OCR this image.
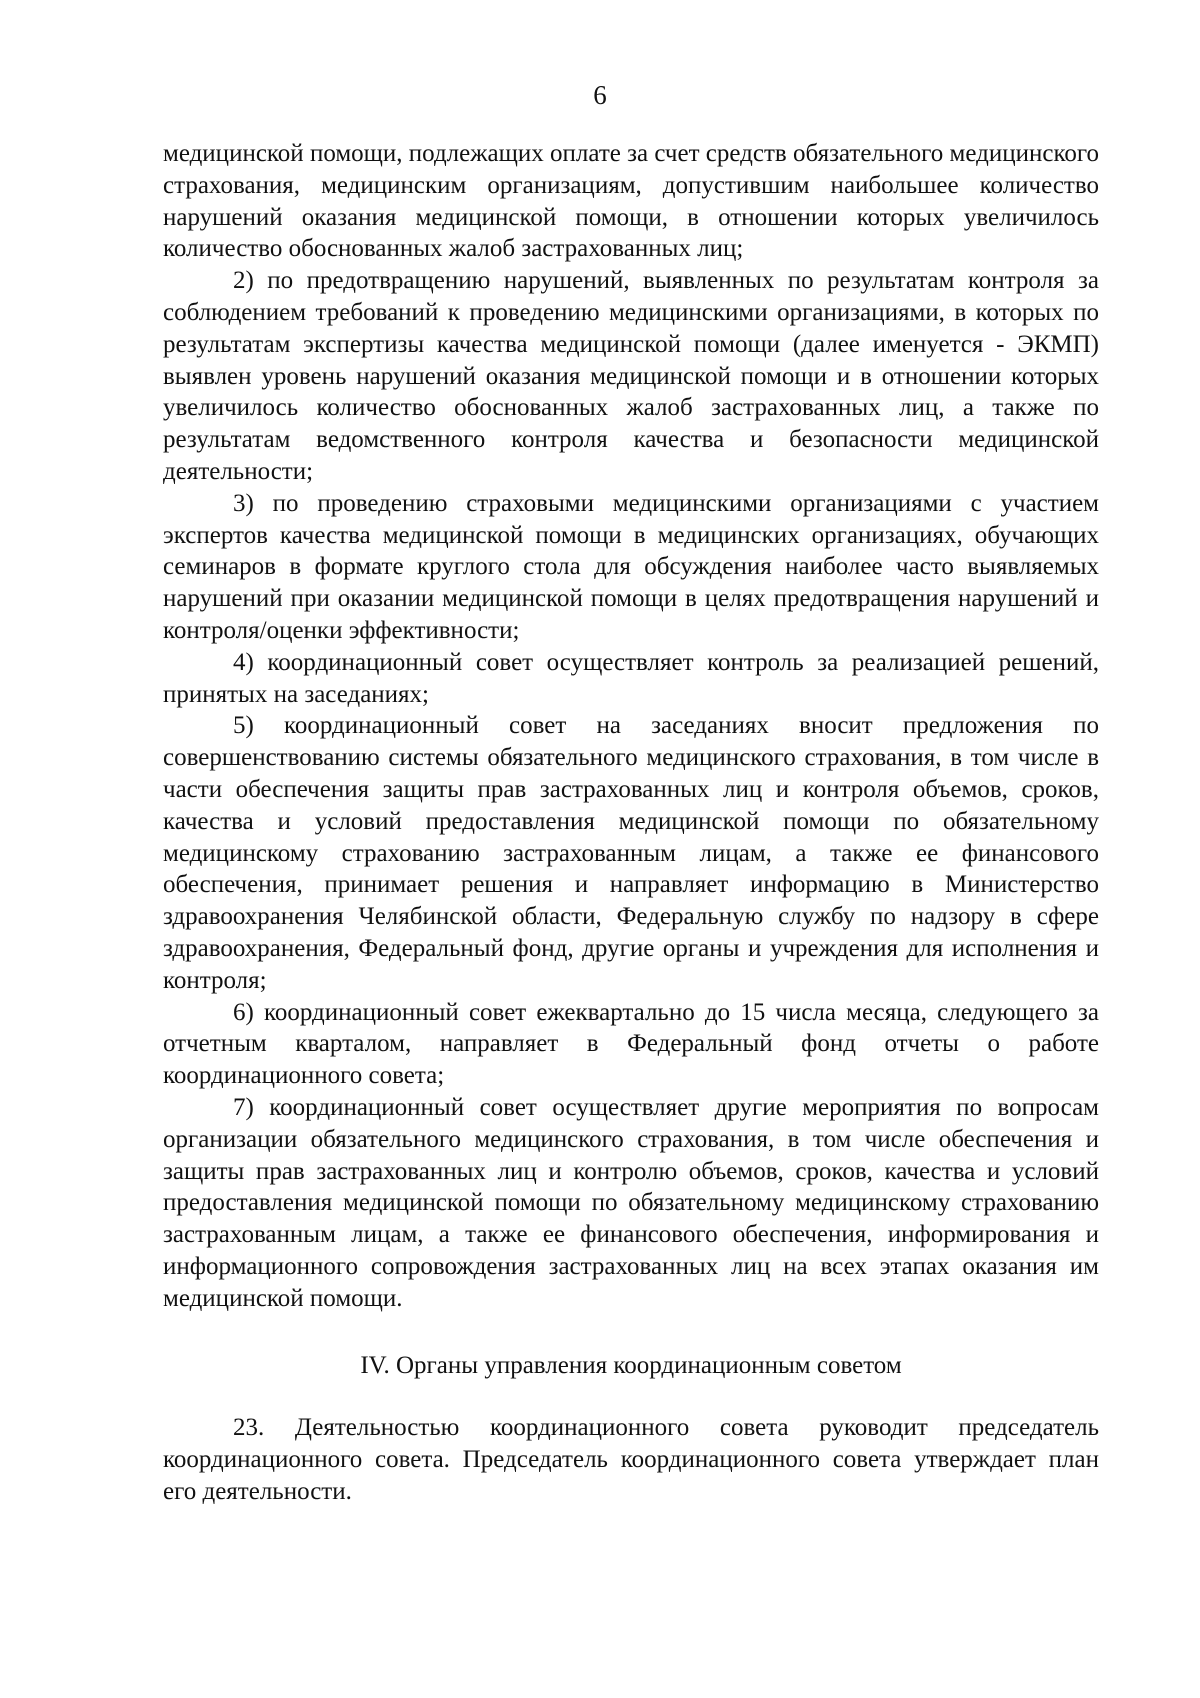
6

медицинской помощи, подлежащих оплате за счет средств обязательного медицинского страхования, медицинским организациям, допустившим наибольшее количество нарушений оказания медицинской помощи, в отношении которых увеличилось количество обоснованных жалоб застрахованных лиц;

2) по предотвращению нарушений, выявленных по результатам контроля за соблюдением требований к проведению медицинскими организациями, в которых по результатам экспертизы качества медицинской помощи (далее именуется - ЭКМП) выявлен уровень нарушений оказания медицинской помощи и в отношении которых увеличилось количество обоснованных жалоб застрахованных лиц, а также по результатам ведомственного контроля качества и безопасности медицинской деятельности;

3) по проведению страховыми медицинскими организациями с участием экспертов качества медицинской помощи в медицинских организациях, обучающих семинаров в формате круглого стола для обсуждения наиболее часто выявляемых нарушений при оказании медицинской помощи в целях предотвращения нарушений и контроля/оценки эффективности;

4) координационный совет осуществляет контроль за реализацией решений, принятых на заседаниях;

5) координационный совет на заседаниях вносит предложения по совершенствованию системы обязательного медицинского страхования, в том числе в части обеспечения защиты прав застрахованных лиц и контроля объемов, сроков, качества и условий предоставления медицинской помощи по обязательному медицинскому страхованию застрахованным лицам, а также ее финансового обеспечения, принимает решения и направляет информацию в Министерство здравоохранения Челябинской области, Федеральную службу по надзору в сфере здравоохранения, Федеральный фонд, другие органы и учреждения для исполнения и контроля;

6) координационный совет ежеквартально до 15 числа месяца, следующего за отчетным кварталом, направляет в Федеральный фонд отчеты о работе координационного совета;

7) координационный совет осуществляет другие мероприятия по вопросам организации обязательного медицинского страхования, в том числе обеспечения и защиты прав застрахованных лиц и контролю объемов, сроков, качества и условий предоставления медицинской помощи по обязательному медицинскому страхованию застрахованным лицам, а также ее финансового обеспечения, информирования и информационного сопровождения застрахованных лиц на всех этапах оказания им медицинской помощи.

IV. Органы управления координационным советом

23. Деятельностью координационного совета руководит председатель координационного совета. Председатель координационного совета утверждает план его деятельности.
